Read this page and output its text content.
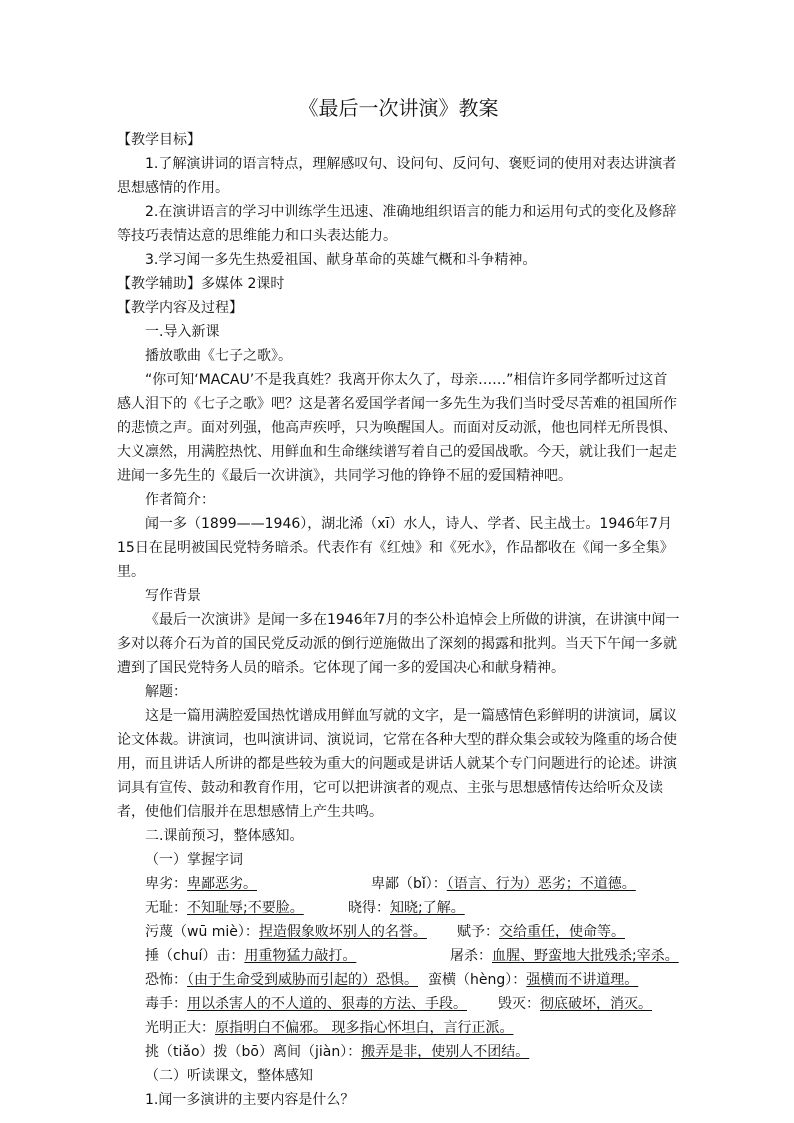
《最后一次讲演》教案

【教学目标】

1.了解演讲词的语言特点，理解感叹句、设问句、反问句、褒贬词的使用对表达讲演者思想感情的作用。

2.在演讲语言的学习中训练学生迅速、准确地组织语言的能力和运用句式的变化及修辞等技巧表情达意的思维能力和口头表达能力。

3.学习闻一多先生热爱祖国、献身革命的英雄气概和斗争精神。

【教学辅助】多媒体 2课时

【教学内容及过程】

一.导入新课

播放歌曲《七子之歌》。

“你可知‘MACAU’不是我真姓？我离开你太久了，母亲……”相信许多同学都听过这首感人泪下的《七子之歌》吧？这是著名爱国学者闻一多先生为我们当时受尽苦难的祖国所作的悲愤之声。面对列强，他高声疾呼，只为唤醒国人。而面对反动派，他也同样无所畏惧、大义凛然，用满腔热忱、用鲜血和生命继续谱写着自己的爱国战歌。今天，就让我们一起走进闻一多先生的《最后一次讲演》，共同学习他的铮铮不屈的爱国精神吧。

作者简介：

闻一多（1899——1946），湖北浠（xī）水人，诗人、学者、民主战士。1946年7月15日在昆明被国民党特务暗杀。代表作有《红烛》和《死水》，作品都收在《闻一多全集》里。

写作背景

《最后一次演讲》是闻一多在1946年7月的李公朴追悼会上所做的讲演，在讲演中闻一多对以蒋介石为首的国民党反动派的倒行逆施做出了深刻的揭露和批判。当天下午闻一多就遭到了国民党特务人员的暗杀。它体现了闻一多的爱国决心和献身精神。

解题：

这是一篇用满腔爱国热忱谱成用鲜血写就的文字，是一篇感情色彩鲜明的讲演词，属议论文体裁。讲演词，也叫演讲词、演说词，它常在各种大型的群众集会或较为隆重的场合使用，而且讲话人所讲的都是些较为重大的问题或是讲话人就某个专门问题进行的论述。讲演词具有宣传、鼓动和教育作用，它可以把讲演者的观点、主张与思想感情传达给听众及读者，使他们信服并在思想感情上产生共鸣。

二.课前预习，整体感知。

（一）掌握字词

卑劣：卑鄙恶劣。	卑鄙（bǐ）：（语言、行为）恶劣；不道德。
无耻：不知耻辱;不要脸。	晓得：知晓;了解。
污蔑（wū miè）：捏造假象败坏别人的名誉。 赋予：交给重任，使命等。
捶（chuí）击：用重物猛力敲打。	屠杀：血腥、野蛮地大批残杀;宰杀。
恐怖：（由于生命受到威胁而引起的）恐惧。 蛮横（hèng）：强横而不讲道理。
毒手：用以杀害人的不人道的、狠毒的方法、手段。 毁灭：彻底破坏，消灭。
光明正大：原指明白不偏邪。 现多指心怀坦白，言行正派。
挑（tiǎo）拨（bō）离间（jiàn）：搬弄是非，使别人不团结。

（二）听读课文，整体感知

1.闻一多演讲的主要内容是什么？
